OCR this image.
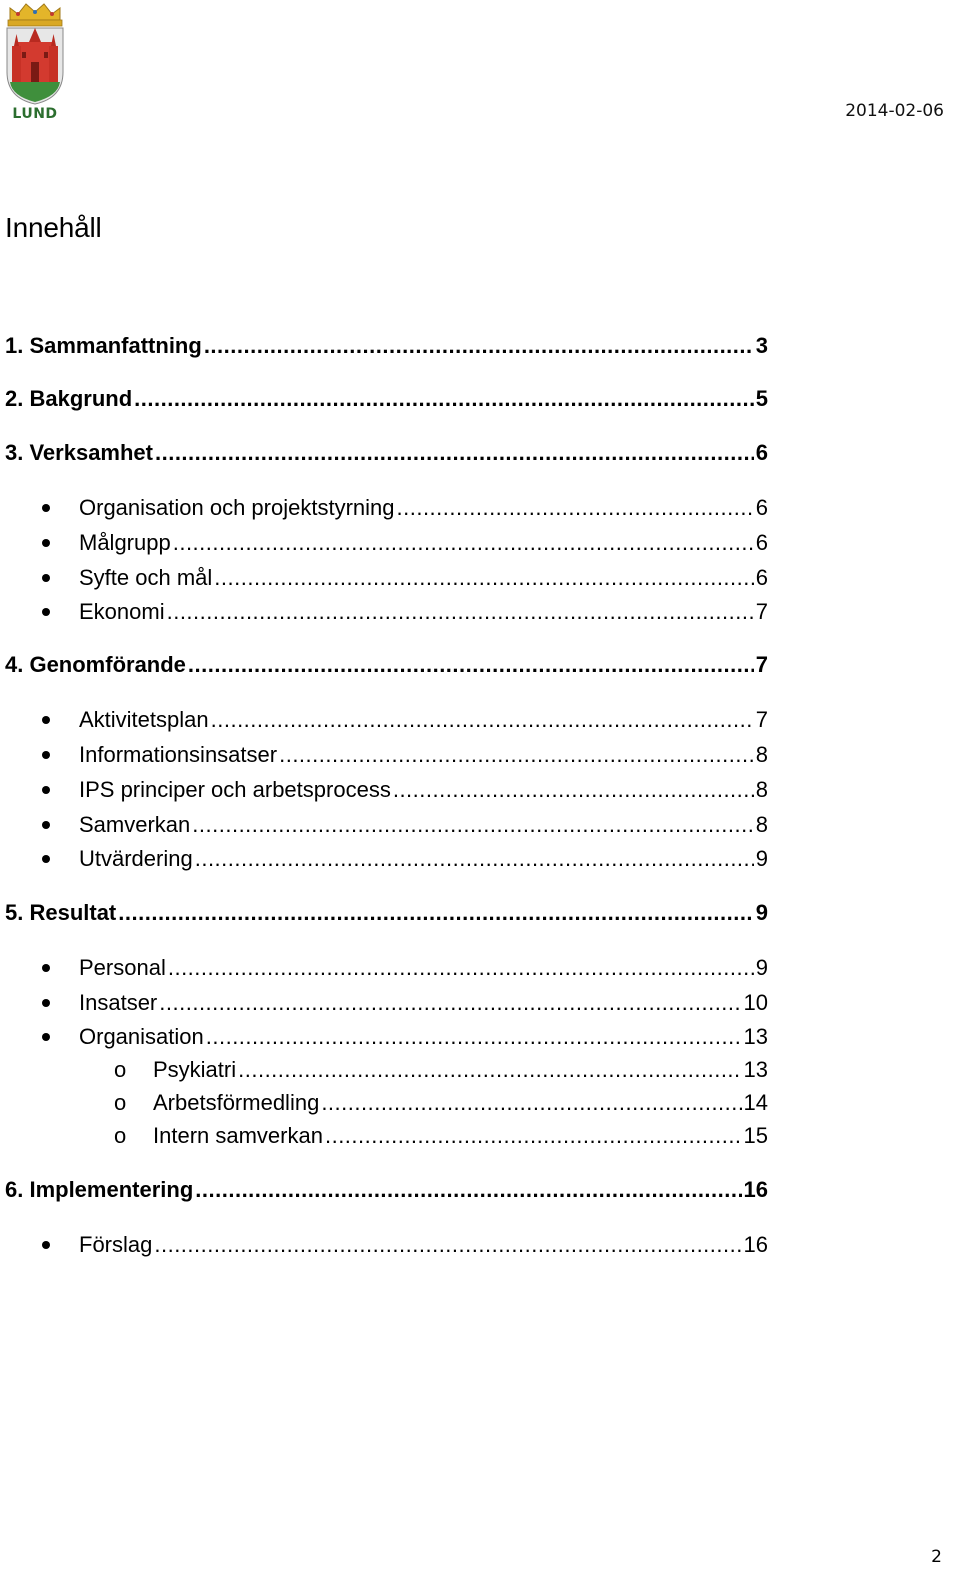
LUND	2014-02-06
Innehåll
1. Sammanfattning .....	3
2. Bakgrund .....	5
3. Verksamhet .....	6
Organisation och projektstyrning .....	6
Målgrupp .....	6
Syfte och mål .....	6
Ekonomi .....	7
4. Genomförande .....	7
Aktivitetsplan .....	7
Informationsinsatser .....	8
IPS principer och arbetsprocess .....	8
Samverkan .....	8
Utvärdering .....	9
5. Resultat .....	9
Personal .....	9
Insatser .....	10
Organisation .....	13
o	Psykiatri .....	13
o	Arbetsförmedling .....	14
o	Intern samverkan .....	15
6. Implementering .....	16
Förslag .....	16
2
